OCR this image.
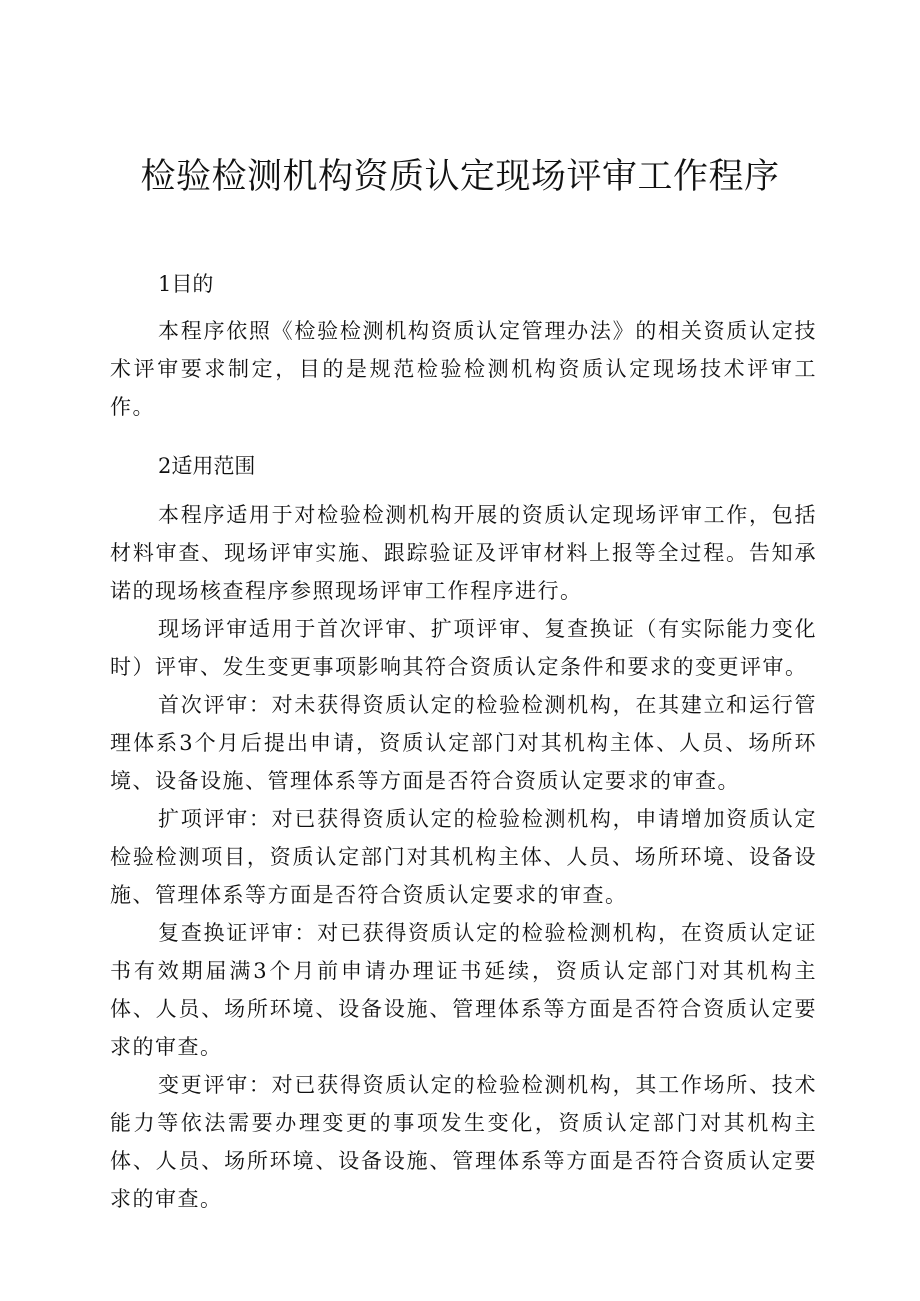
检验检测机构资质认定现场评审工作程序
1目的

本程序依照《检验检测机构资质认定管理办法》的相关资质认定技术评审要求制定，目的是规范检验检测机构资质认定现场技术评审工作。

2适用范围

本程序适用于对检验检测机构开展的资质认定现场评审工作，包括材料审查、现场评审实施、跟踪验证及评审材料上报等全过程。告知承诺的现场核查程序参照现场评审工作程序进行。

现场评审适用于首次评审、扩项评审、复查换证（有实际能力变化时）评审、发生变更事项影响其符合资质认定条件和要求的变更评审。

首次评审：对未获得资质认定的检验检测机构，在其建立和运行管理体系3个月后提出申请，资质认定部门对其机构主体、人员、场所环境、设备设施、管理体系等方面是否符合资质认定要求的审查。

扩项评审：对已获得资质认定的检验检测机构，申请增加资质认定检验检测项目，资质认定部门对其机构主体、人员、场所环境、设备设施、管理体系等方面是否符合资质认定要求的审查。

复查换证评审：对已获得资质认定的检验检测机构，在资质认定证书有效期届满3个月前申请办理证书延续，资质认定部门对其机构主体、人员、场所环境、设备设施、管理体系等方面是否符合资质认定要求的审查。

变更评审：对已获得资质认定的检验检测机构，其工作场所、技术能力等依法需要办理变更的事项发生变化，资质认定部门对其机构主体、人员、场所环境、设备设施、管理体系等方面是否符合资质认定要求的审查。
